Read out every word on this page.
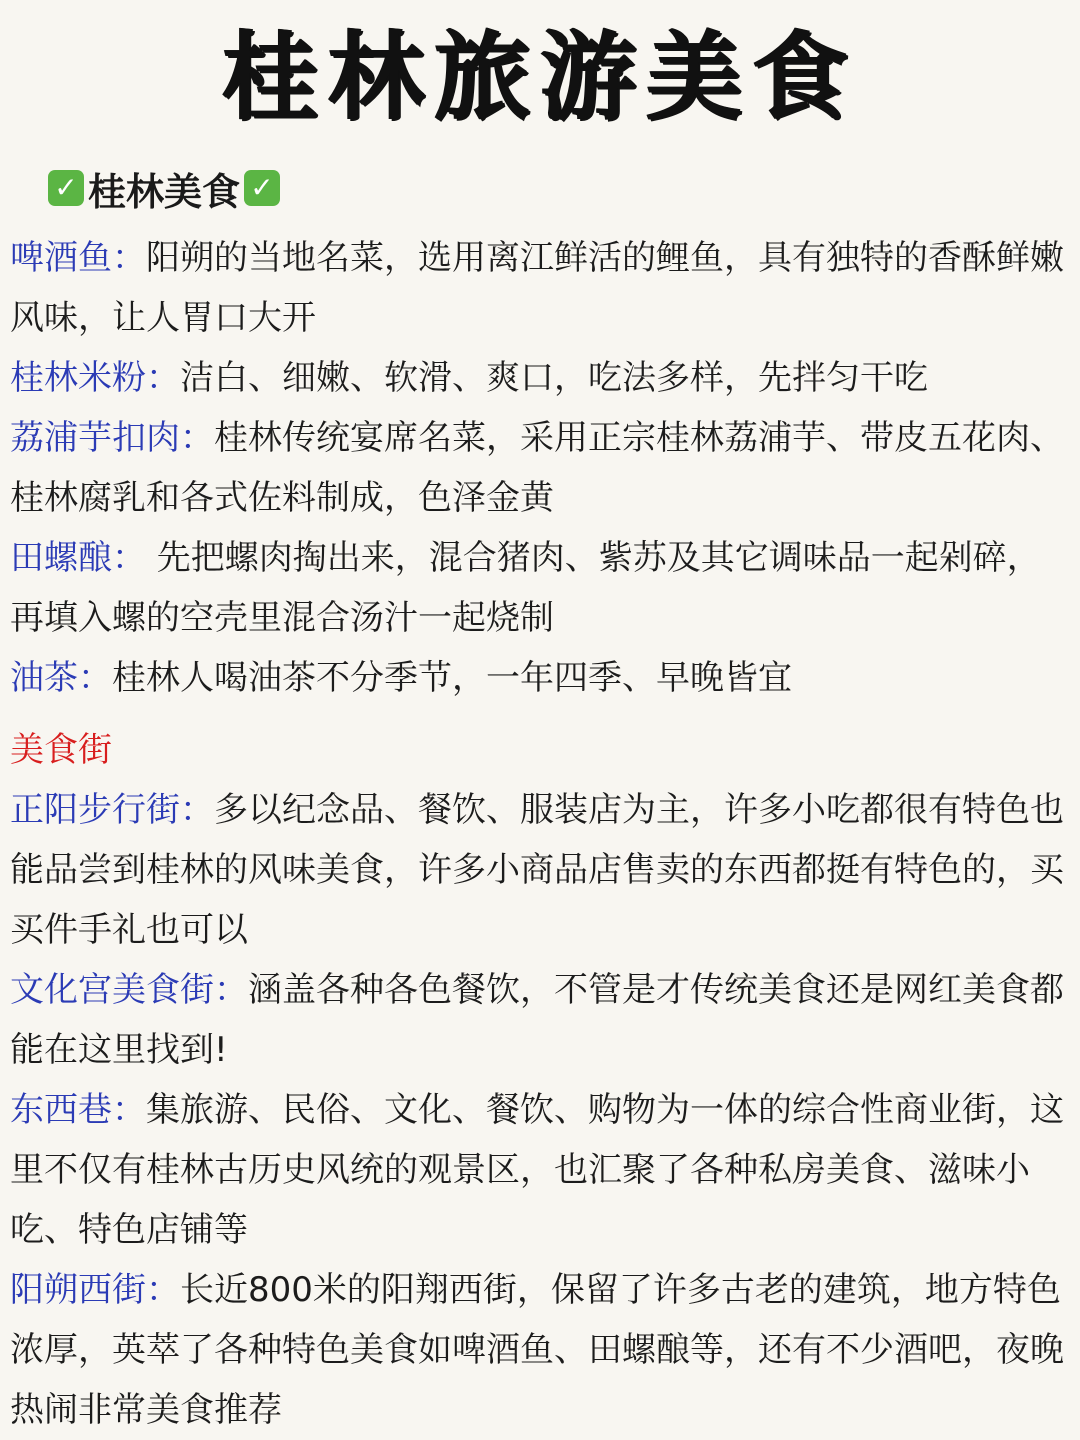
桂林旅游美食
✓ 桂林美食 ✓

啤酒鱼：阳朔的当地名菜，选用离江鲜活的鲤鱼，具有独特的香酥鲜嫩风味，让人胃口大开

桂林米粉：洁白、细嫩、软滑、爽口，吃法多样，先拌匀干吃

荔浦芋扣肉：桂林传统宴席名菜，采用正宗桂林荔浦芋、带皮五花肉、桂林腐乳和各式佐料制成，色泽金黄

田螺酿： 先把螺肉掏出来，混合猪肉、紫苏及其它调味品一起剁碎，再填入螺的空壳里混合汤汁一起烧制

油茶：桂林人喝油茶不分季节，一年四季、早晚皆宜

美食街

正阳步行街：多以纪念品、餐饮、服装店为主，许多小吃都很有特色也能品尝到桂林的风味美食，许多小商品店售卖的东西都挺有特色的，买买件手礼也可以

文化宫美食街：涵盖各种各色餐饮，不管是才传统美食还是网红美食都能在这里找到!

东西巷：集旅游、民俗、文化、餐饮、购物为一体的综合性商业街，这里不仅有桂林古历史风统的观景区，也汇聚了各种私房美食、滋味小吃、特色店铺等

阳朔西街：长近800米的阳翔西街，保留了许多古老的建筑，地方特色浓厚，英萃了各种特色美食如啤酒鱼、田螺酿等，还有不少酒吧，夜晚热闹非常美食推荐
